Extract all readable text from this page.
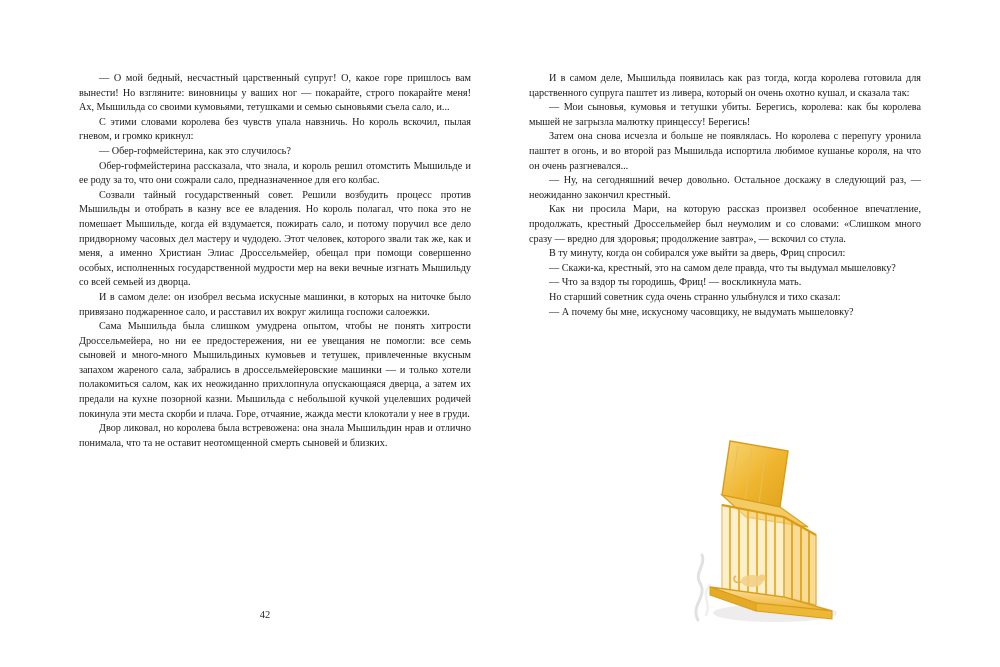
— О мой бедный, несчастный царственный супруг! О, какое горе пришлось вам вынести! Но взгляните: виновницы у ваших ног — покарайте, строго покарайте меня! Ах, Мышильда со своими кумовьями, тетушками и семью сыновьями съела сало, и...

С этими словами королева без чувств упала навзничь. Но король вскочил, пылая гневом, и громко крикнул:

— Обер-гофмейстерина, как это случилось?

Обер-гофмейстерина рассказала, что знала, и король решил отомстить Мышильде и ее роду за то, что они сожрали сало, предназначенное для его колбас.

Созвали тайный государственный совет. Решили возбудить процесс против Мышильды и отобрать в казну все ее владения. Но король полагал, что пока это не помешает Мышильде, когда ей вздумается, пожирать сало, и потому поручил все дело придворному часовых дел мастеру и чудодею. Этот человек, которого звали так же, как и меня, а именно Христиан Элиас Дроссельмейер, обещал при помощи совершенно особых, исполненных государственной мудрости мер на веки вечные изгнать Мышильду со всей семьей из дворца.

И в самом деле: он изобрел весьма искусные машинки, в которых на ниточке было привязано поджаренное сало, и расставил их вокруг жилища госпожи салоежки.

Сама Мышильда была слишком умудрена опытом, чтобы не понять хитрости Дроссельмейера, но ни ее предостережения, ни ее увещания не помогли: все семь сыновей и много-много Мышильдиных кумовьев и тетушек, привлеченные вкусным запахом жареного сала, забрались в дроссельмейеровские машинки — и только хотели полакомиться салом, как их неожиданно прихлопнула опускающаяся дверца, а затем их предали на кухне позорной казни. Мышильда с небольшой кучкой уцелевших родичей покинула эти места скорби и плача. Горе, отчаяние, жажда мести клокотали у нее в груди.

Двор ликовал, но королева была встревожена: она знала Мышильдин нрав и отлично понимала, что та не оставит неотомщенной смерть сыновей и близких.

И в самом деле, Мышильда появилась как раз тогда, когда королева готовила для царственного супруга паштет из ливера, который он очень охотно кушал, и сказала так:

— Мои сыновья, кумовья и тетушки убиты. Берегись, королева: как бы королева мышей не загрызла малютку принцессу! Берегись!

Затем она снова исчезла и больше не появлялась. Но королева с перепугу уронила паштет в огонь, и во второй раз Мышильда испортила любимое кушанье короля, на что он очень разгневался...

— Ну, на сегодняшний вечер довольно. Остальное доскажу в следующий раз, — неожиданно закончил крестный.

Как ни просила Мари, на которую рассказ произвел особенное впечатление, продолжать, крестный Дроссельмейер был неумолим и со словами: «Слишком много сразу — вредно для здоровья; продолжение завтра», — вскочил со стула.

В ту минуту, когда он собирался уже выйти за дверь, Фриц спросил:

— Скажи-ка, крестный, это на самом деле правда, что ты выдумал мышеловку?

— Что за вздор ты городишь, Фриц! — воскликнула мать.

Но старший советник суда очень странно улыбнулся и тихо сказал:

— А почему бы мне, искусному часовщику, не выдумать мышеловку?

42
